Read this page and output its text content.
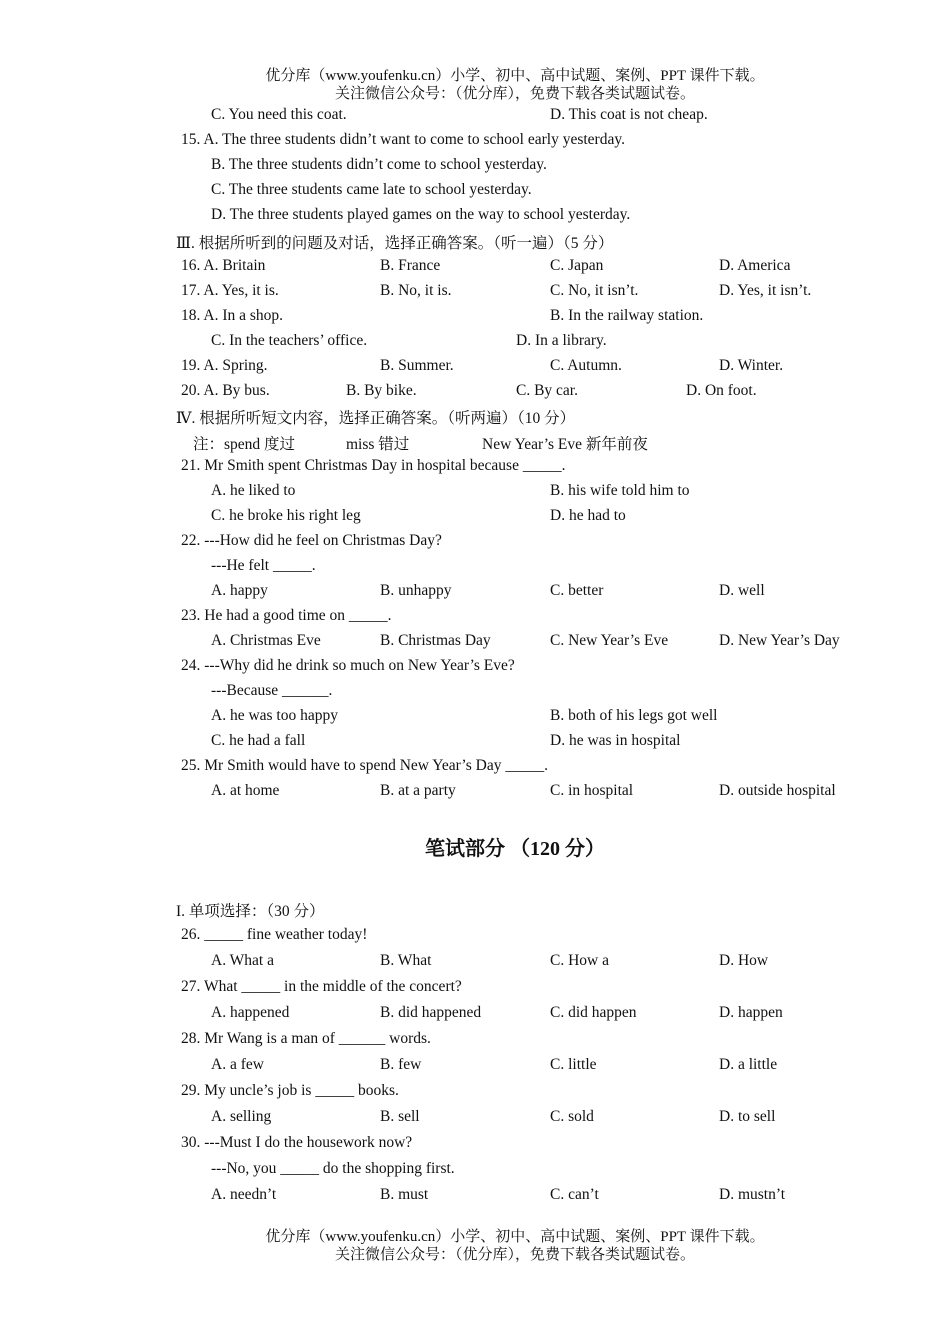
优分库（www.youfenku.cn）小学、初中、高中试题、案例、PPT 课件下载。
关注微信公众号：（优分库），免费下载各类试题试卷。
C. You need this coat.	D. This coat is not cheap.
15. A. The three students didn’t want to come to school early yesterday.
B. The three students didn’t come to school yesterday.
C. The three students came late to school yesterday.
D. The three students played games on the way to school yesterday.
Ⅲ. 根据所听到的问题及对话，选择正确答案。（听一遍）（5 分）
16. A. Britain	B. France	C. Japan	D. America
17. A. Yes, it is.	B. No, it is.	C. No, it isn’t.	D. Yes, it isn’t.
18. A. In a shop.	B. In the railway station.
C. In the teachers’ office.	D. In a library.
19. A. Spring.	B. Summer.	C. Autumn.	D. Winter.
20. A. By bus.	B. By bike.	C. By car.	D. On foot.
Ⅳ. 根据所听短文内容，选择正确答案。（听两遍）（10 分）
注：spend 度过	miss 错过	New Year’s Eve 新年前夜
21. Mr Smith spent Christmas Day in hospital because _____.
A. he liked to	B. his wife told him to
C. he broke his right leg	D. he had to
22. ---How did he feel on Christmas Day?
---He felt _____.
A. happy	B. unhappy	C. better	D. well
23. He had a good time on _____.
A. Christmas Eve	B. Christmas Day	C. New Year’s Eve	D. New Year’s Day
24. ---Why did he drink so much on New Year’s Eve?
---Because ______.
A. he was too happy	B. both of his legs got well
C. he had a fall	D. he was in hospital
25. Mr Smith would have to spend New Year’s Day _____.
A. at home	B. at a party	C. in hospital	D. outside hospital
笔试部分 （120 分）
I. 单项选择：（30 分）
26. _____ fine weather today!
A. What a	B. What	C. How a	D. How
27. What _____ in the middle of the concert?
A. happened	B. did happened	C. did happen	D. happen
28. Mr Wang is a man of ______ words.
A. a few	B. few	C. little	D. a little
29. My uncle’s job is _____ books.
A. selling	B. sell	C. sold	D. to sell
30. ---Must I do the housework now?
---No, you _____ do the shopping first.
A. needn’t	B. must	C. can’t	D. mustn’t
优分库（www.youfenku.cn）小学、初中、高中试题、案例、PPT 课件下载。
关注微信公众号：（优分库），免费下载各类试题试卷。
